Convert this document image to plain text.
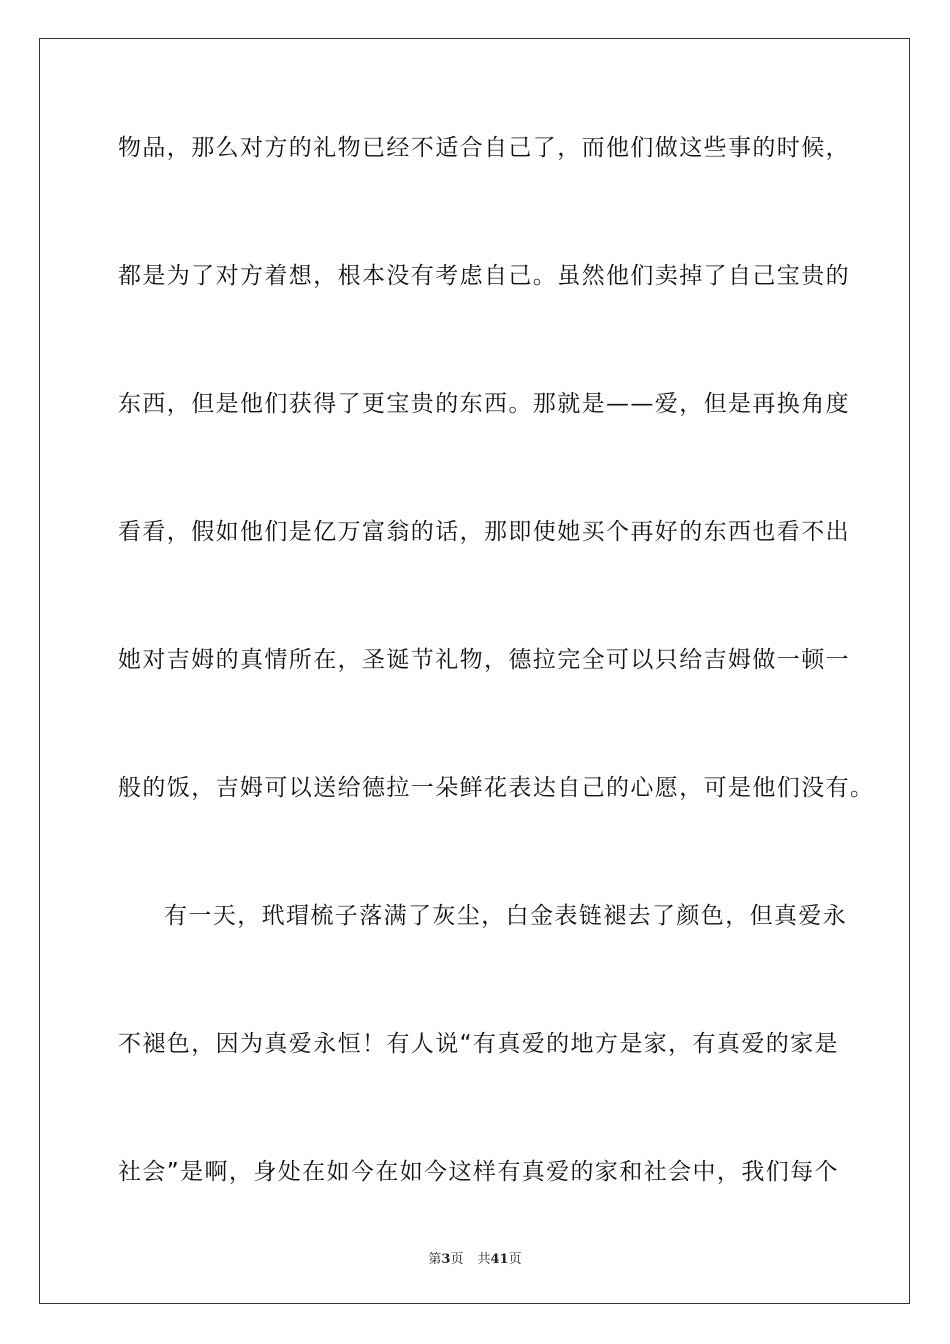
物品，那么对方的礼物已经不适合自己了，而他们做这些事的时候，
都是为了对方着想，根本没有考虑自己。虽然他们卖掉了自己宝贵的
东西，但是他们获得了更宝贵的东西。那就是——爱，但是再换角度
看看，假如他们是亿万富翁的话，那即使她买个再好的东西也看不出
她对吉姆的真情所在，圣诞节礼物，德拉完全可以只给吉姆做一顿一
般的饭，吉姆可以送给德拉一朵鲜花表达自己的心愿，可是他们没有。
有一天，玳瑁梳子落满了灰尘，白金表链褪去了颜色，但真爱永
不褪色，因为真爱永恒！有人说“有真爱的地方是家，有真爱的家是
社会”是啊，身处在如今在如今这样有真爱的家和社会中，我们每个
第3页 共41页
